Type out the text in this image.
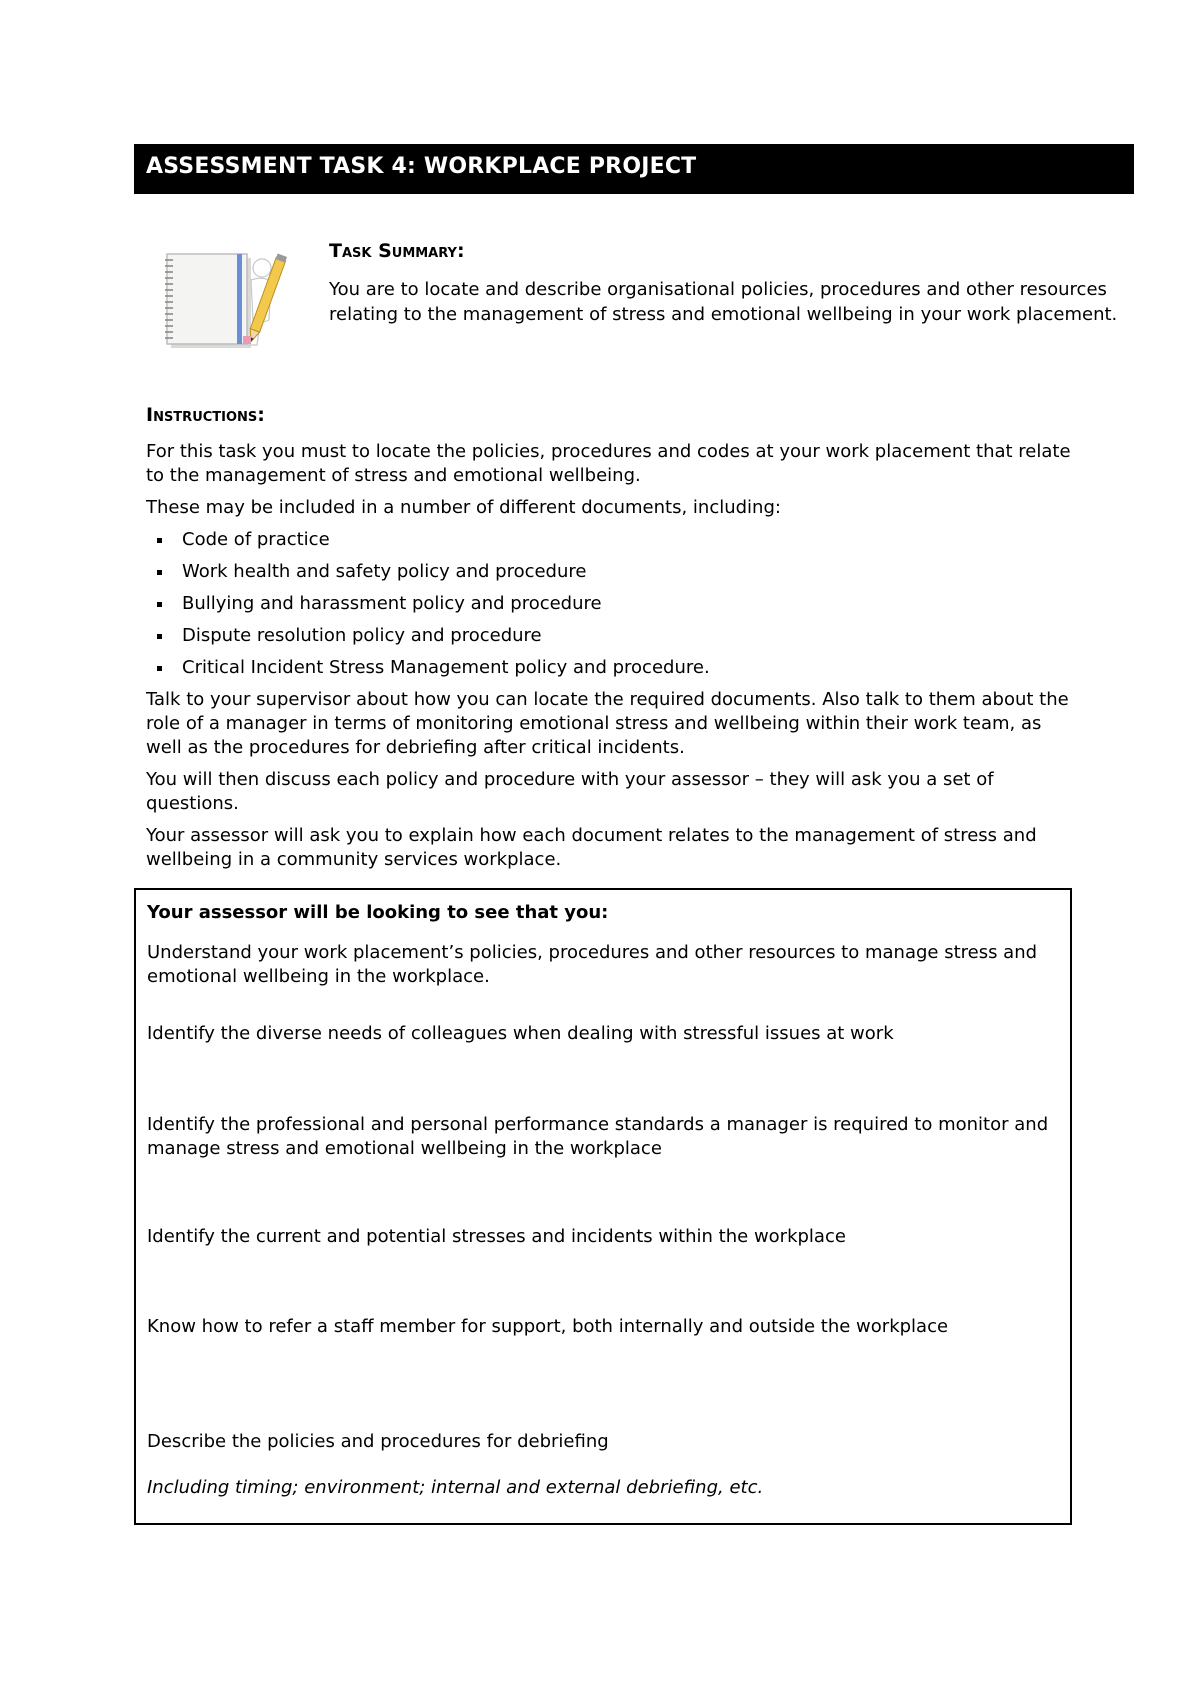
ASSESSMENT TASK 4: WORKPLACE PROJECT

Task Summary:

You are to locate and describe organisational policies, procedures and other resources relating to the management of stress and emotional wellbeing in your work placement.

Instructions:

For this task you must to locate the policies, procedures and codes at your work placement that relate to the management of stress and emotional wellbeing.

These may be included in a number of different documents, including:

Code of practice
Work health and safety policy and procedure
Bullying and harassment policy and procedure
Dispute resolution policy and procedure
Critical Incident Stress Management policy and procedure.

Talk to your supervisor about how you can locate the required documents. Also talk to them about the role of a manager in terms of monitoring emotional stress and wellbeing within their work team, as well as the procedures for debriefing after critical incidents.

You will then discuss each policy and procedure with your assessor – they will ask you a set of questions.

Your assessor will ask you to explain how each document relates to the management of stress and wellbeing in a community services workplace.

Your assessor will be looking to see that you:

Understand your work placement’s policies, procedures and other resources to manage stress and emotional wellbeing in the workplace.

Identify the diverse needs of colleagues when dealing with stressful issues at work

Identify the professional and personal performance standards a manager is required to monitor and manage stress and emotional wellbeing in the workplace

Identify the current and potential stresses and incidents within the workplace

Know how to refer a staff member for support, both internally and outside the workplace

Describe the policies and procedures for debriefing

Including timing; environment; internal and external debriefing, etc.
